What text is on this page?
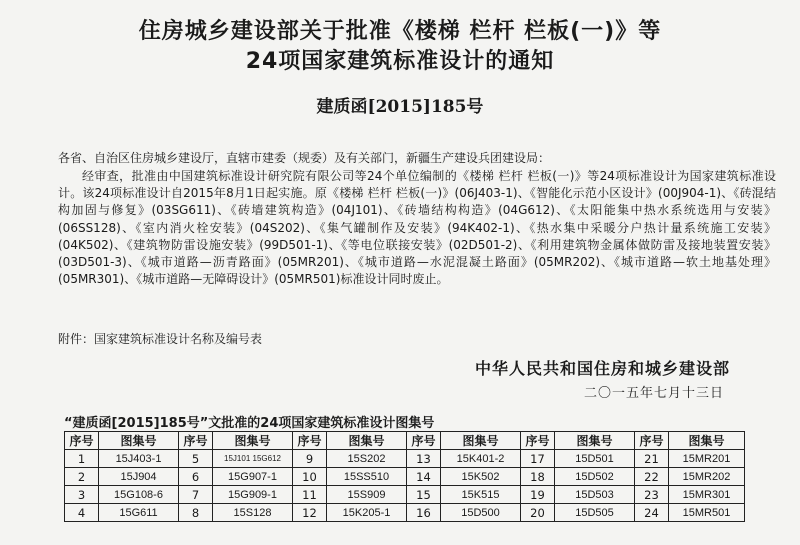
住房城乡建设部关于批准《楼梯 栏杆 栏板(一)》等
24项国家建筑标准设计的通知
建质函[2015]185号
各省、自治区住房城乡建设厅，直辖市建委（规委）及有关部门，新疆生产建设兵团建设局：
经审查，批准由中国建筑标准设计研究院有限公司等24个单位编制的《楼梯 栏杆 栏板(一)》等24项标准设计为国家建筑标准设计。该24项标准设计自2015年8月1日起实施。原《楼梯 栏杆 栏板(一)》(06J403-1)、《智能化示范小区设计》(00J904-1)、《砖混结构加固与修复》(03SG611)、《砖墙建筑构造》(04J101)、《砖墙结构构造》(04G612)、《太阳能集中热水系统选用与安装》(06SS128)、《室内消火栓安装》(04S202)、《集气罐制作及安装》(94K402-1)、《热水集中采暖分户热计量系统施工安装》(04K502)、《建筑物防雷设施安装》(99D501-1)、《等电位联接安装》(02D501-2)、《利用建筑物金属体做防雷及接地装置安装》(03D501-3)、《城市道路—沥青路面》(05MR201)、《城市道路—水泥混凝土路面》(05MR202)、《城市道路—软土地基处理》(05MR301)、《城市道路—无障碍设计》(05MR501)标准设计同时废止。
附件：国家建筑标准设计名称及编号表
中华人民共和国住房和城乡建设部
二〇一五年七月十三日
“建质函[2015]185号”文批准的24项国家建筑标准设计图集号
序号	图集号	序号	图集号	序号	图集号	序号	图集号	序号	图集号	序号	图集号
1	15J403-1	5	15J101 15G612	9	15S202	13	15K401-2	17	15D501	21	15MR201
2	15J904	6	15G907-1	10	15SS510	14	15K502	18	15D502	22	15MR202
3	15G108-6	7	15G909-1	11	15S909	15	15K515	19	15D503	23	15MR301
4	15G611	8	15S128	12	15K205-1	16	15D500	20	15D505	24	15MR501
